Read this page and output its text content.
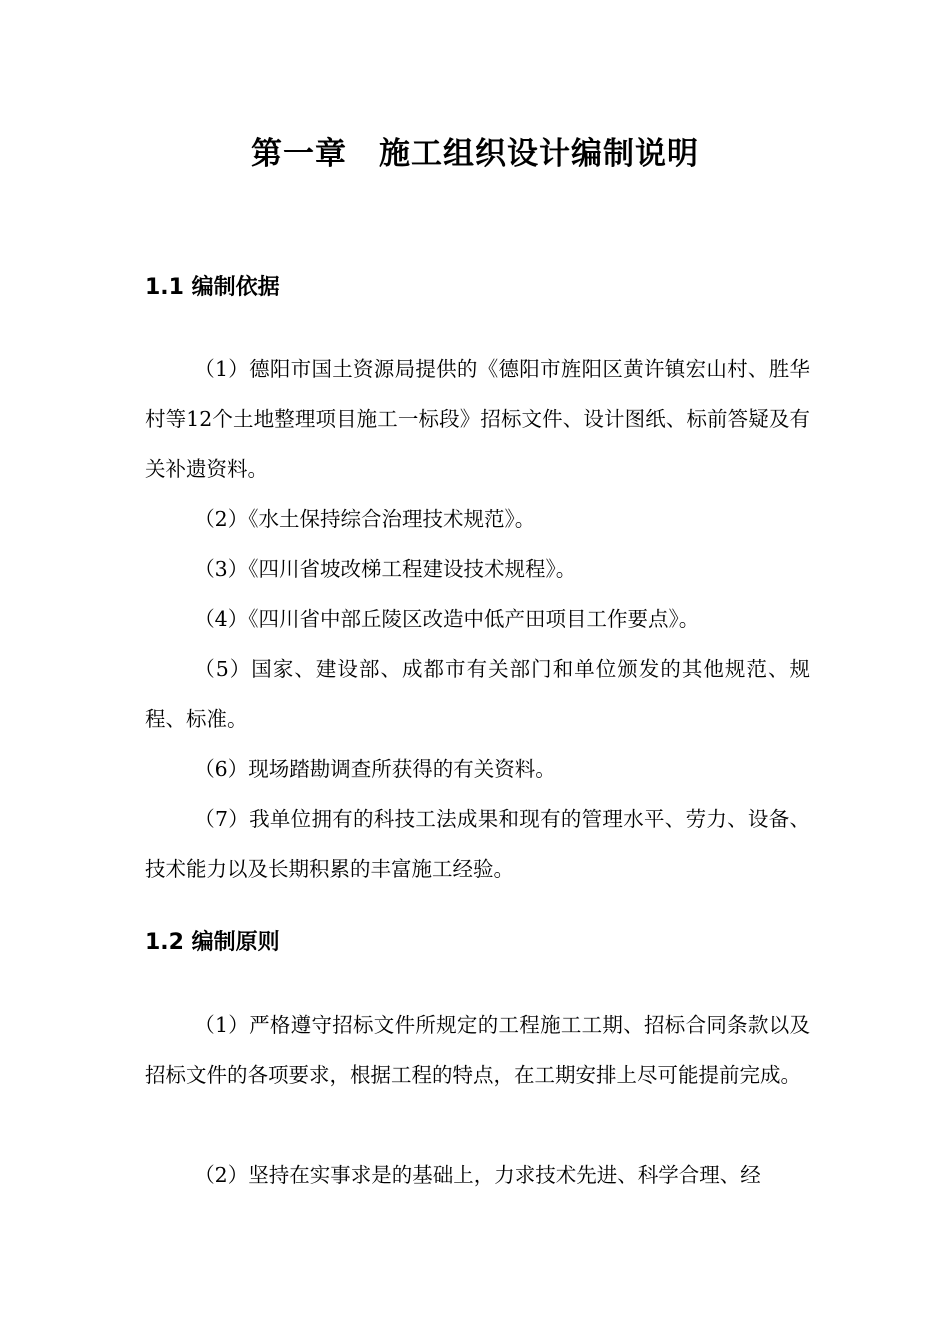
第一章　施工组织设计编制说明
1.1 编制依据
（1）德阳市国土资源局提供的《德阳市旌阳区黄许镇宏山村、胜华村等12个土地整理项目施工一标段》招标文件、设计图纸、标前答疑及有关补遗资料。
（2）《水土保持综合治理技术规范》。
（3）《四川省坡改梯工程建设技术规程》。
（4）《四川省中部丘陵区改造中低产田项目工作要点》。
（5）国家、建设部、成都市有关部门和单位颁发的其他规范、规程、标准。
（6）现场踏勘调查所获得的有关资料。
（7）我单位拥有的科技工法成果和现有的管理水平、劳力、设备、技术能力以及长期积累的丰富施工经验。
1.2 编制原则
（1）严格遵守招标文件所规定的工程施工工期、招标合同条款以及招标文件的各项要求，根据工程的特点，在工期安排上尽可能提前完成。
（2）坚持在实事求是的基础上，力求技术先进、科学合理、经
